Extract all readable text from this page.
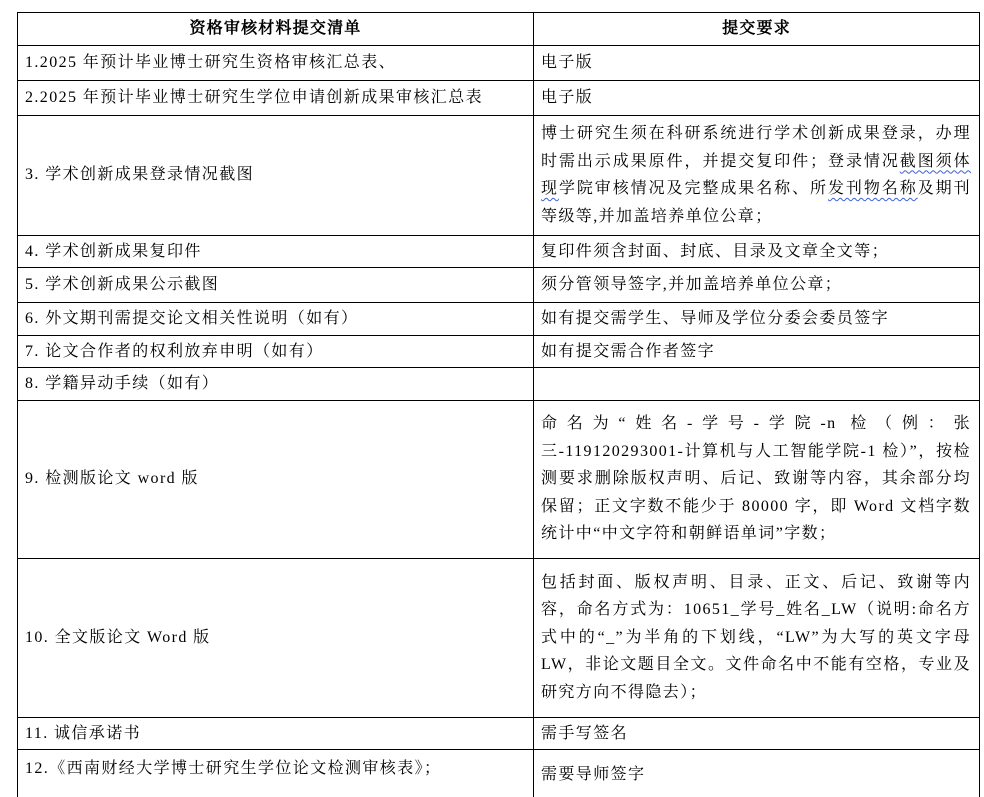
资格审核材料提交清单	提交要求
1.2025 年预计毕业博士研究生资格审核汇总表、	电子版
2.2025 年预计毕业博士研究生学位申请创新成果审核汇总表	电子版
3. 学术创新成果登录情况截图	博士研究生须在科研系统进行学术创新成果登录，办理时需出示成果原件，并提交复印件；登录情况截图须体现学院审核情况及完整成果名称、所发刊物名称及期刊等级等,并加盖培养单位公章；
4. 学术创新成果复印件	复印件须含封面、封底、目录及文章全文等；
5. 学术创新成果公示截图	须分管领导签字,并加盖培养单位公章；
6. 外文期刊需提交论文相关性说明（如有）	如有提交需学生、导师及学位分委会委员签字
7. 论文合作者的权利放弃申明（如有）	如有提交需合作者签字
8. 学籍异动手续（如有）	
9. 检测版论文 word 版	命名为“姓名-学号-学院-n 检（例：张三-119120293001-计算机与人工智能学院-1 检）”，按检测要求删除版权声明、后记、致谢等内容，其余部分均保留；正文字数不能少于 80000 字，即 Word 文档字数统计中“中文字符和朝鲜语单词”字数；
10. 全文版论文 Word 版	包括封面、版权声明、目录、正文、后记、致谢等内容，命名方式为：10651_学号_姓名_LW（说明:命名方式中的“_”为半角的下划线，“LW”为大写的英文字母 LW，非论文题目全文。文件命名中不能有空格，专业及研究方向不得隐去）；
11. 诚信承诺书	需手写签名
12.《西南财经大学博士研究生学位论文检测审核表》；	需要导师签字
